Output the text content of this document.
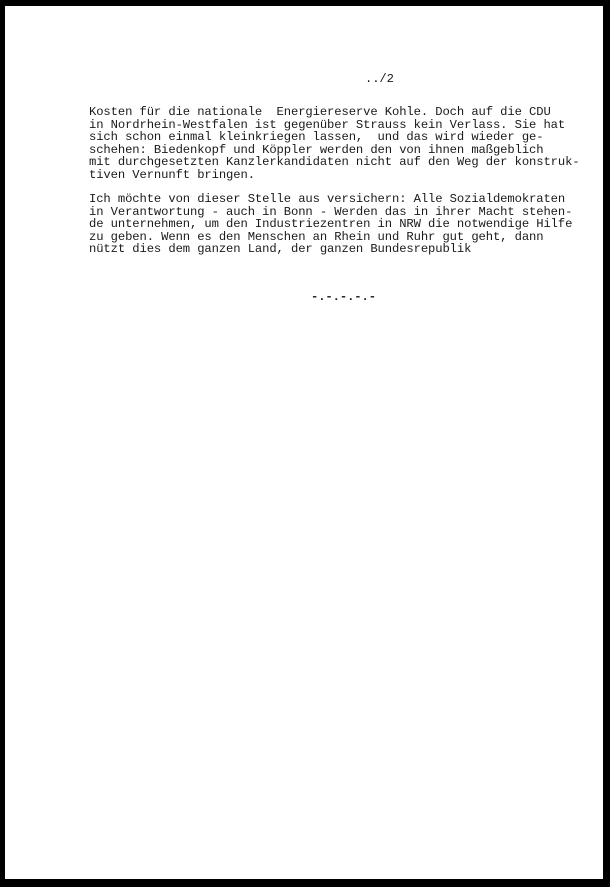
../2
Kosten für die nationale  Energiereserve Kohle. Doch auf die CDU
in Nordrhein-Westfalen ist gegenüber Strauss kein Verlass. Sie hat
sich schon einmal kleinkriegen lassen,  und das wird wieder ge-
schehen: Biedenkopf und Köppler werden den von ihnen maßgeblich
mit durchgesetzten Kanzlerkandidaten nicht auf den Weg der konstruk-
tiven Vernunft bringen.
Ich möchte von dieser Stelle aus versichern: Alle Sozialdemokraten
in Verantwortung - auch in Bonn - Werden das in ihrer Macht stehen-
de unternehmen, um den Industriezentren in NRW die notwendige Hilfe
zu geben. Wenn es den Menschen an Rhein und Ruhr gut geht, dann
nützt dies dem ganzen Land, der ganzen Bundesrepublik
-.-.-.-.-
